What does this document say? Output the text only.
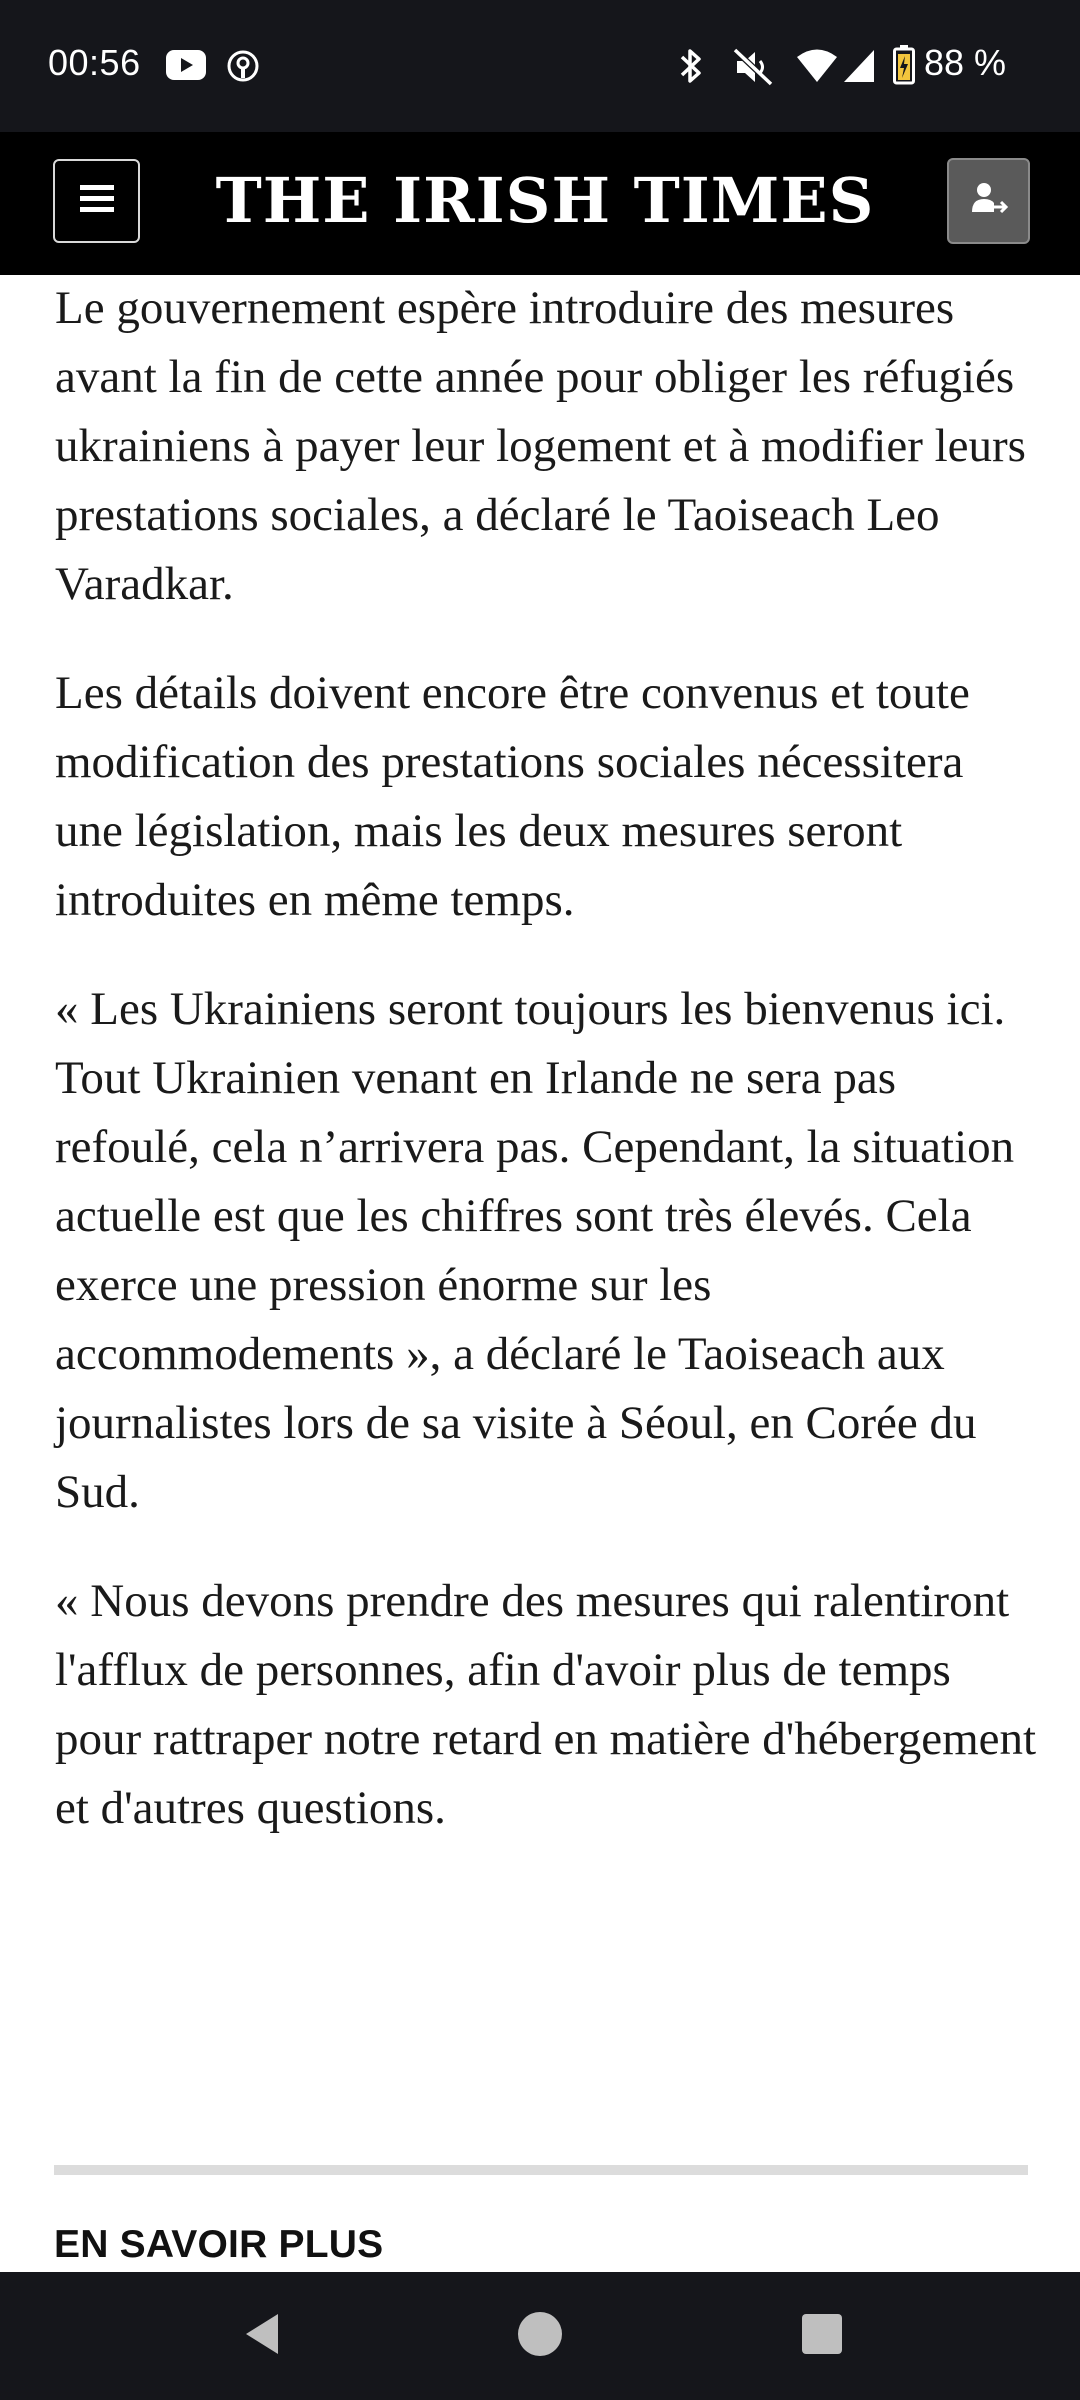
00:56	88 %
THE IRISH TIMES

Le gouvernement espère introduire des mesures avant la fin de cette année pour obliger les réfugiés ukrainiens à payer leur logement et à modifier leurs prestations sociales, a déclaré le Taoiseach Leo Varadkar.

Les détails doivent encore être convenus et toute modification des prestations sociales nécessitera une législation, mais les deux mesures seront introduites en même temps.

« Les Ukrainiens seront toujours les bienvenus ici. Tout Ukrainien venant en Irlande ne sera pas refoulé, cela n’arrivera pas. Cependant, la situation actuelle est que les chiffres sont très élevés. Cela exerce une pression énorme sur les accommodements », a déclaré le Taoiseach aux journalistes lors de sa visite à Séoul, en Corée du Sud.

« Nous devons prendre des mesures qui ralentiront l'afflux de personnes, afin d'avoir plus de temps pour rattraper notre retard en matière d'hébergement et d'autres questions.

EN SAVOIR PLUS
